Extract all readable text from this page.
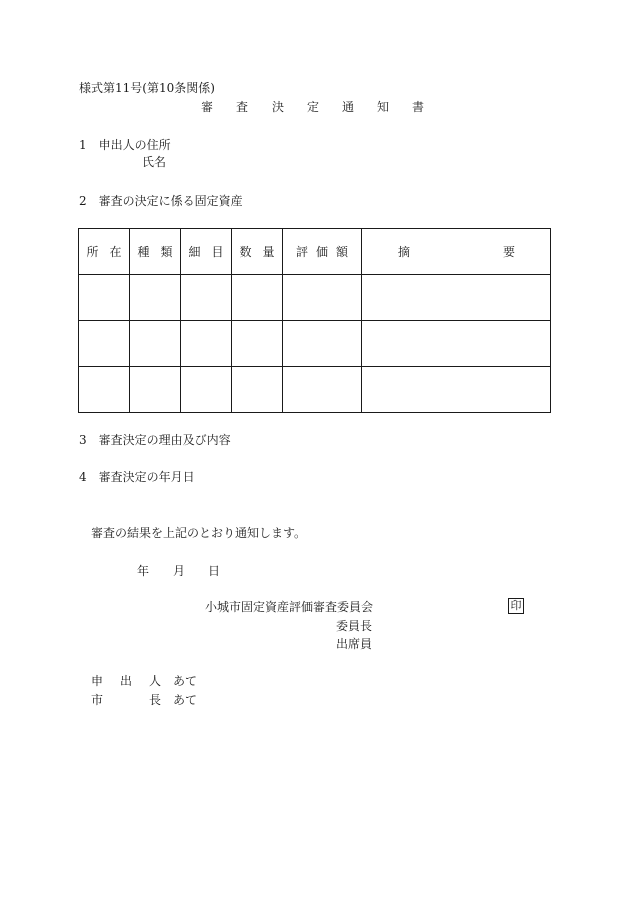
様式第11号(第10条関係)
審 査 決 定 通 知 書
1　申出人の住所
氏名
2　審査の決定に係る固定資産
所 在	種 類	細 目	数 量	評 価 額	摘 要

3　審査決定の理由及び内容
4　審査決定の年月日
審査の結果を上記のとおり通知します。
年 月 日
小城市固定資産評価審査委員会	印
委員長
出席員
申 出 人 あて
市	長 あて
